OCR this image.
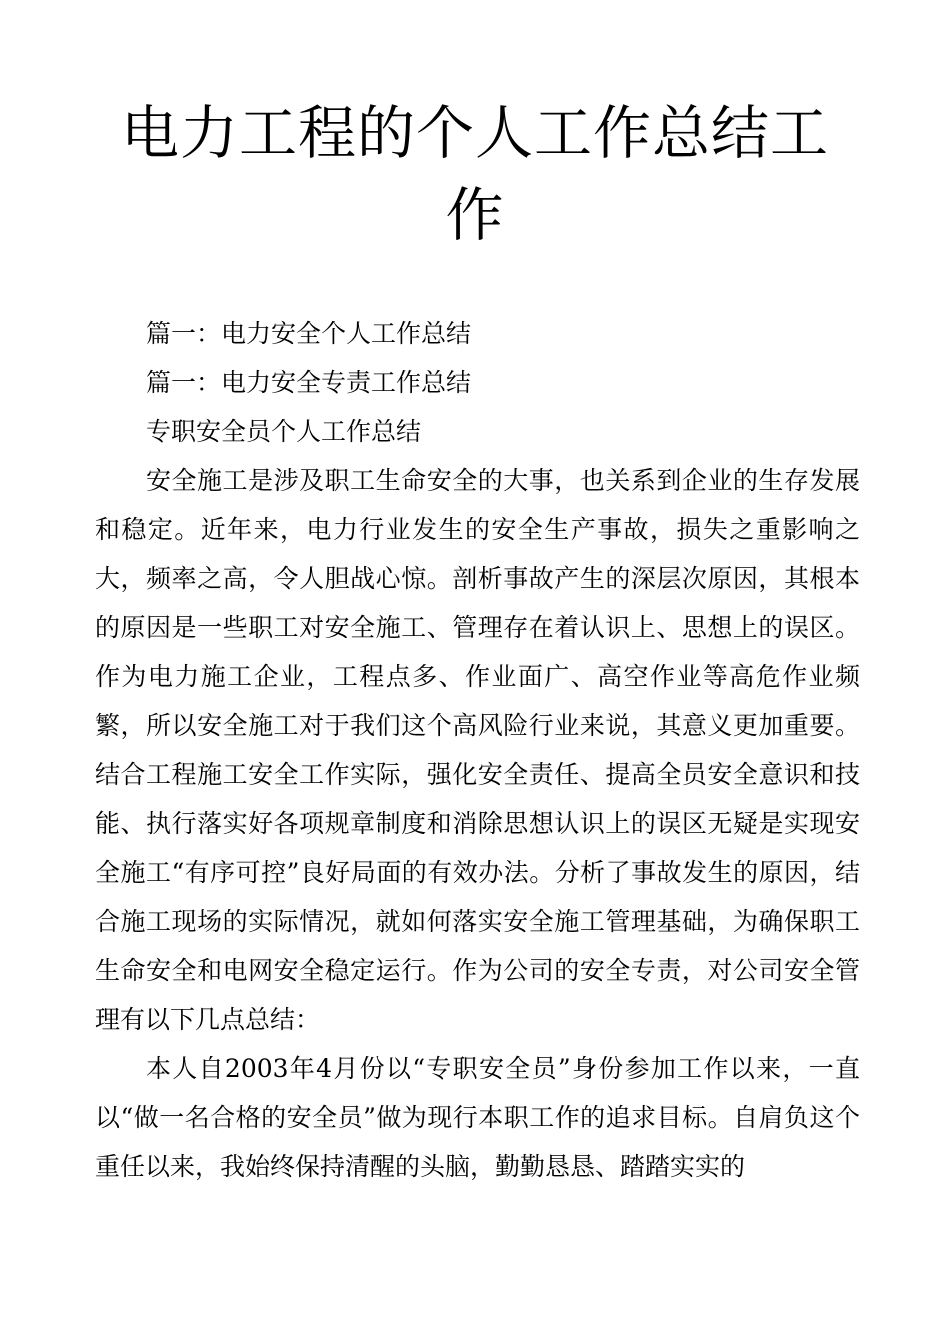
电力工程的个人工作总结工作

篇一：电力安全个人工作总结

篇一：电力安全专责工作总结

专职安全员个人工作总结

安全施工是涉及职工生命安全的大事，也关系到企业的生存发展和稳定。近年来，电力行业发生的安全生产事故，损失之重影响之大，频率之高，令人胆战心惊。剖析事故产生的深层次原因，其根本的原因是一些职工对安全施工、管理存在着认识上、思想上的误区。作为电力施工企业，工程点多、作业面广、高空作业等高危作业频繁，所以安全施工对于我们这个高风险行业来说，其意义更加重要。结合工程施工安全工作实际，强化安全责任、提高全员安全意识和技能、执行落实好各项规章制度和消除思想认识上的误区无疑是实现安全施工“有序可控”良好局面的有效办法。分析了事故发生的原因，结合施工现场的实际情况，就如何落实安全施工管理基础，为确保职工生命安全和电网安全稳定运行。作为公司的安全专责，对公司安全管理有以下几点总结：

本人自2003年4月份以“专职安全员”身份参加工作以来，一直以“做一名合格的安全员”做为现行本职工作的追求目标。自肩负这个重任以来，我始终保持清醒的头脑，勤勤恳恳、踏踏实实的
